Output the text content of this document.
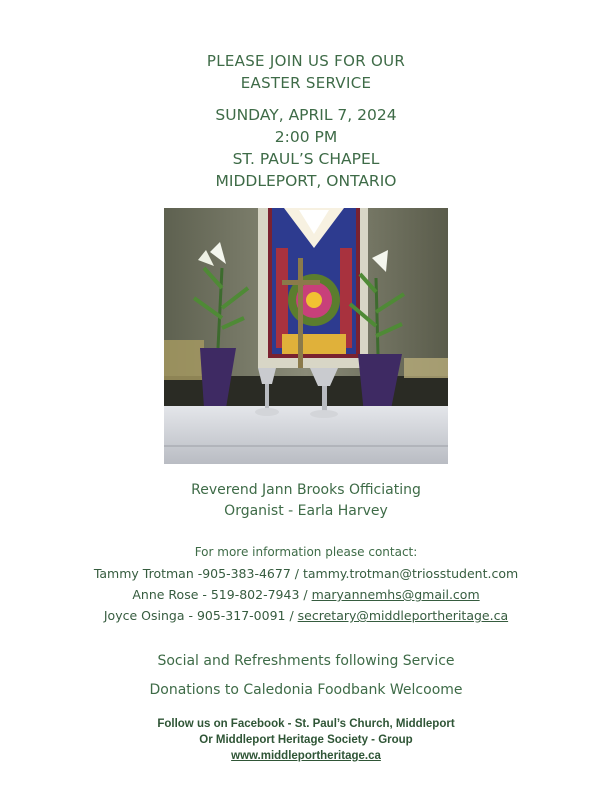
PLEASE JOIN US FOR OUR
EASTER SERVICE
SUNDAY, APRIL 7, 2024
2:00 PM
ST. PAUL’S CHAPEL
MIDDLEPORT, ONTARIO
Reverend Jann Brooks Officiating
Organist - Earla Harvey
For more information please contact:
Tammy Trotman -905-383-4677 / tammy.trotman@triosstudent.com
Anne Rose - 519-802-7943 / maryannemhs@gmail.com
Joyce Osinga - 905-317-0091 / secretary@middleportheritage.ca
Social and Refreshments following Service
Donations to Caledonia Foodbank Welcoome
Follow us on Facebook - St. Paul’s Church, Middleport
Or Middleport Heritage Society - Group
www.middleportheritage.ca
